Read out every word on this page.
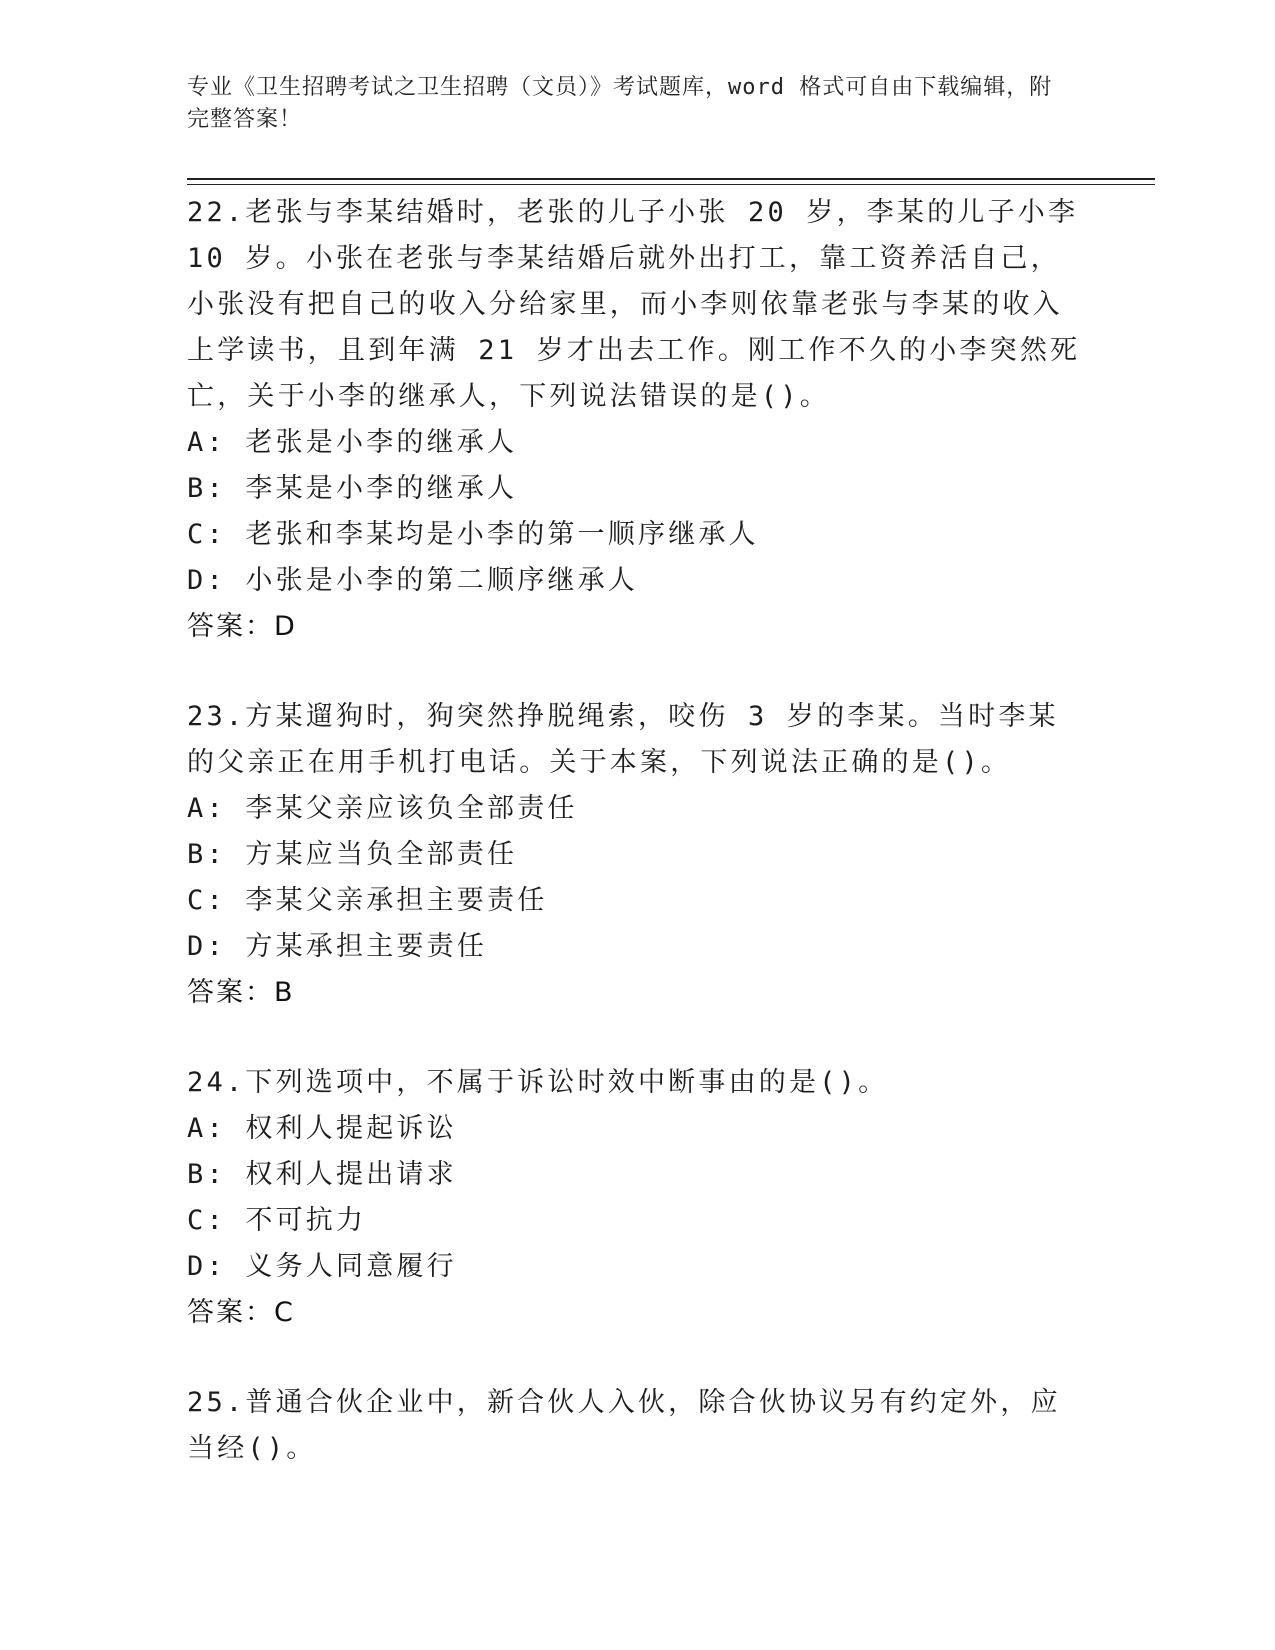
专业《卫生招聘考试之卫生招聘（文员）》考试题库，word 格式可自由下载编辑，附完整答案！
22.老张与李某结婚时，老张的儿子小张 20 岁，李某的儿子小李 10 岁。小张在老张与李某结婚后就外出打工，靠工资养活自己，小张没有把自己的收入分给家里，而小李则依靠老张与李某的收入上学读书，且到年满 21 岁才出去工作。刚工作不久的小李突然死亡，关于小李的继承人，下列说法错误的是()。
A: 老张是小李的继承人
B: 李某是小李的继承人
C: 老张和李某均是小李的第一顺序继承人
D: 小张是小李的第二顺序继承人
答案：D
23.方某遛狗时，狗突然挣脱绳索，咬伤 3 岁的李某。当时李某的父亲正在用手机打电话。关于本案，下列说法正确的是()。
A: 李某父亲应该负全部责任
B: 方某应当负全部责任
C: 李某父亲承担主要责任
D: 方某承担主要责任
答案：B
24.下列选项中，不属于诉讼时效中断事由的是()。
A: 权利人提起诉讼
B: 权利人提出请求
C: 不可抗力
D: 义务人同意履行
答案：C
25.普通合伙企业中，新合伙人入伙，除合伙协议另有约定外，应当经()。
